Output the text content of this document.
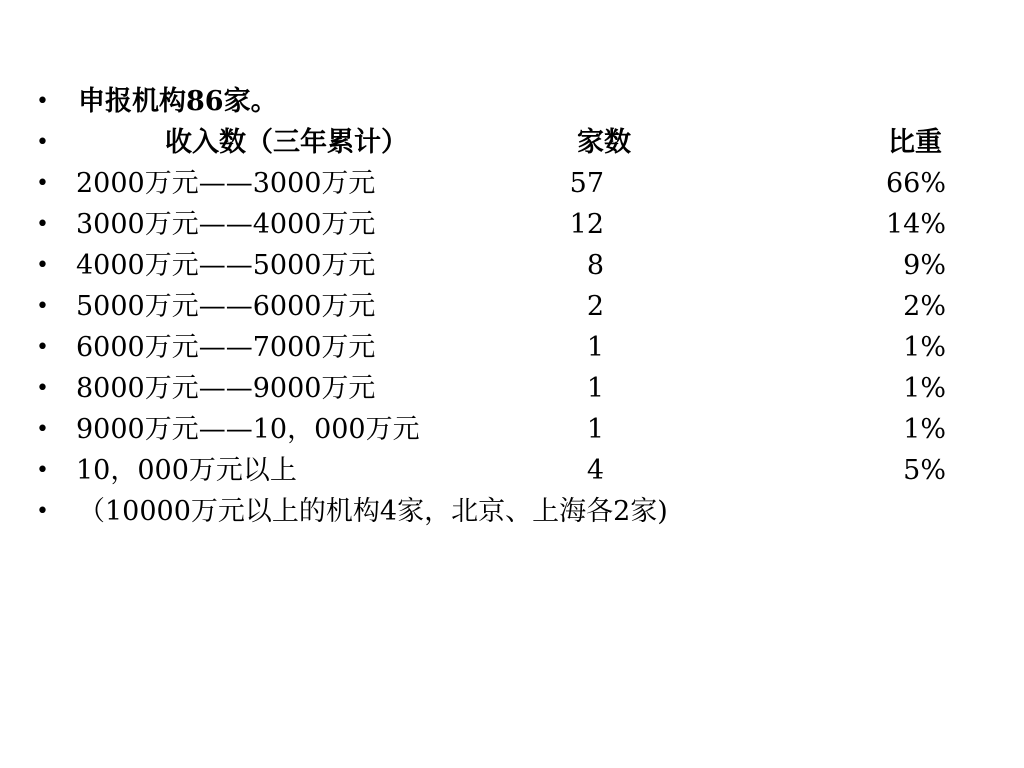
• 申报机构86家。
•	收入数（三年累计）	家数	比重
• 2000万元——3000万元	57	66%
• 3000万元——4000万元	12	14%
• 4000万元——5000万元	8	9%
• 5000万元——6000万元	2	2%
• 6000万元——7000万元	1	1%
• 8000万元——9000万元	1	1%
• 9000万元——10，000万元	1	1%
• 10，000万元以上	4	5%
• （10000万元以上的机构4家，北京、上海各2家)
